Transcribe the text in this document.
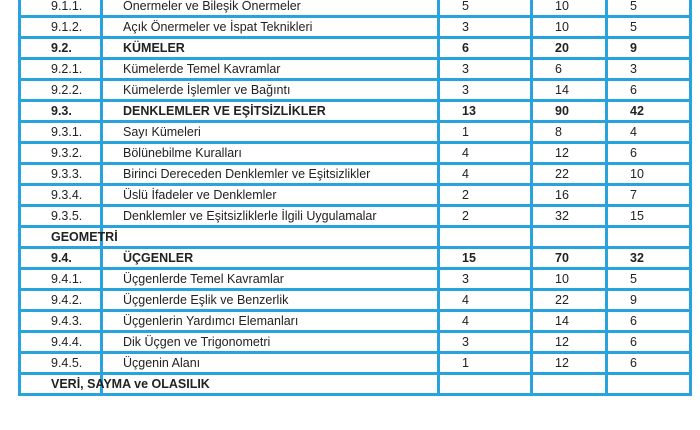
9.1.1.	Önermeler ve Bileşik Önermeler	5	10	5
9.1.2.	Açık Önermeler ve İspat Teknikleri	3	10	5
9.2.	KÜMELER	6	20	9
9.2.1.	Kümelerde Temel Kavramlar	3	6	3
9.2.2.	Kümelerde İşlemler ve Bağıntı	3	14	6
9.3.	DENKLEMLER VE EŞİTSİZLİKLER	13	90	42
9.3.1.	Sayı Kümeleri	1	8	4
9.3.2.	Bölünebilme Kuralları	4	12	6
9.3.3.	Birinci Dereceden Denklemler ve Eşitsizlikler	4	22	10
9.3.4.	Üslü İfadeler ve Denklemler	2	16	7
9.3.5.	Denklemler ve Eşitsizliklerle İlgili Uygulamalar	2	32	15
GEOMETRİ				
9.4.	ÜÇGENLER	15	70	32
9.4.1.	Üçgenlerde Temel Kavramlar	3	10	5
9.4.2.	Üçgenlerde Eşlik ve Benzerlik	4	22	9
9.4.3.	Üçgenlerin Yardımcı Elemanları	4	14	6
9.4.4.	Dik Üçgen ve Trigonometri	3	12	6
9.4.5.	Üçgenin Alanı	1	12	6
VERİ, SAYMA ve OLASILIK				
